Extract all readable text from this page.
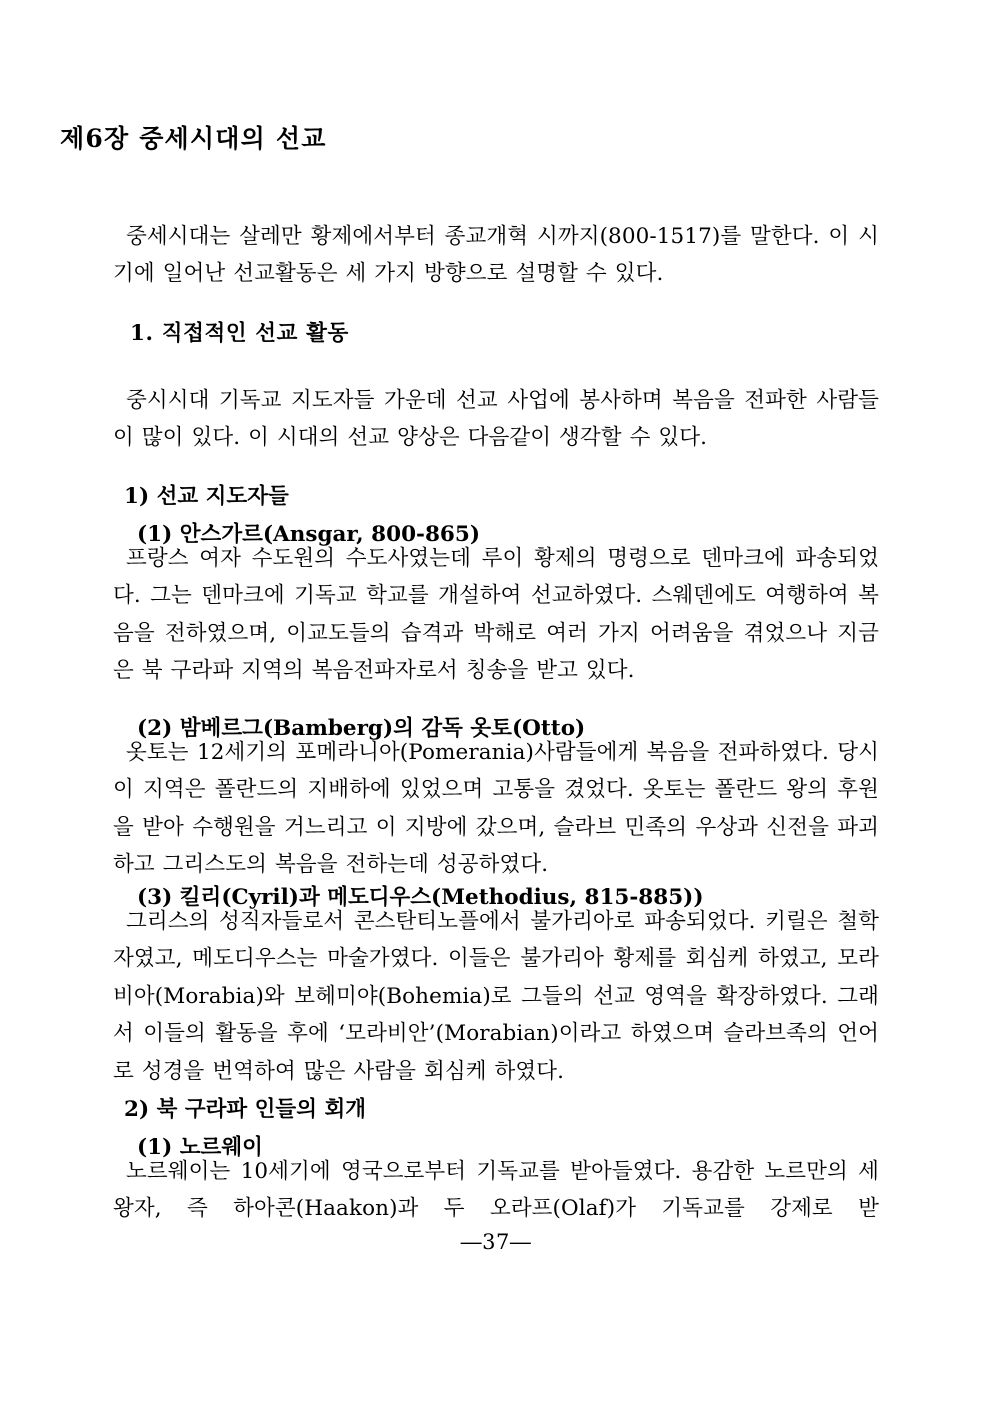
제6장 중세시대의 선교

중세시대는 살레만 황제에서부터 종교개혁 시까지(800-1517)를 말한다. 이 시기에 일어난 선교활동은 세 가지 방향으로 설명할 수 있다.

1. 직접적인 선교 활동

중시시대 기독교 지도자들 가운데 선교 사업에 봉사하며 복음을 전파한 사람들이 많이 있다. 이 시대의 선교 양상은 다음같이 생각할 수 있다.

1) 선교 지도자들
(1) 안스가르(Ansgar, 800-865)

프랑스 여자 수도원의 수도사였는데 루이 황제의 명령으로 덴마크에 파송되었다. 그는 덴마크에 기독교 학교를 개설하여 선교하였다. 스웨덴에도 여행하여 복음을 전하였으며, 이교도들의 습격과 박해로 여러 가지 어려움을 겪었으나 지금은 북 구라파 지역의 복음전파자로서 칭송을 받고 있다.

(2) 밤베르그(Bamberg)의 감독 옷토(Otto)

옷토는 12세기의 포메라니아(Pomerania)사람들에게 복음을 전파하였다. 당시 이 지역은 폴란드의 지배하에 있었으며 고통을 겼었다. 옷토는 폴란드 왕의 후원을 받아 수행원을 거느리고 이 지방에 갔으며, 슬라브 민족의 우상과 신전을 파괴하고 그리스도의 복음을 전하는데 성공하였다.

(3) 킬리(Cyril)과 메도디우스(Methodius, 815-885))

그리스의 성직자들로서 콘스탄티노플에서 불가리아로 파송되었다. 키릴은 철학자였고, 메도디우스는 마술가였다. 이들은 불가리아 황제를 회심케 하였고, 모라비아(Morabia)와 보헤미야(Bohemia)로 그들의 선교 영역을 확장하였다. 그래서 이들의 활동을 후에 ‘모라비안’(Morabian)이라고 하였으며 슬라브족의 언어로 성경을 번역하여 많은 사람을 회심케 하였다.

2) 북 구라파 인들의 회개
(1) 노르웨이

노르웨이는 10세기에 영국으로부터 기독교를 받아들였다. 용감한 노르만의 세 왕자, 즉 하아콘(Haakon)과 두 오라프(Olaf)가 기독교를 강제로 받

―37―
